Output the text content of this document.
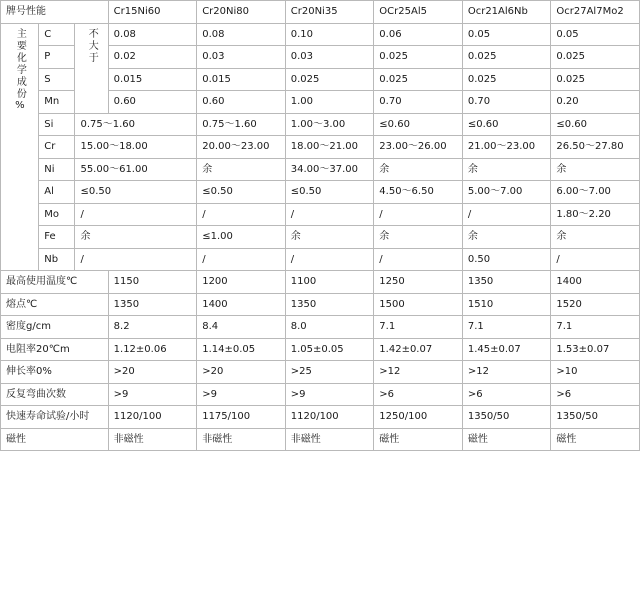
牌号性能			Cr15Ni60	Cr20Ni80	Cr20Ni35	OCr25Al5	Ocr21Al6Nb	Ocr27Al7Mo2
主要化学成份%	C	不大于	0.08	0.08	0.10	0.06	0.05	0.05
	P		0.02	0.03	0.03	0.025	0.025	0.025
	S		0.015	0.015	0.025	0.025	0.025	0.025
	Mn		0.60	0.60	1.00	0.70	0.70	0.20
	Si	0.75～1.60		0.75～1.60	1.00～3.00	≤0.60	≤0.60	≤0.60
	Cr	15.00～18.00		20.00～23.00	18.00～21.00	23.00～26.00	21.00～23.00	26.50～27.80
	Ni	55.00～61.00		余	34.00～37.00	余	余	余
	Al	≤0.50		≤0.50	≤0.50	4.50～6.50	5.00～7.00	6.00～7.00
	Mo	/		/	/	/	/	1.80～2.20
	Fe	余		≤1.00	余	余	余	余
	Nb	/		/	/	/	0.50	/
最高使用温度℃			1150	1200	1100	1250	1350	1400
熔点℃			1350	1400	1350	1500	1510	1520
密度g/cm			8.2	8.4	8.0	7.1	7.1	7.1
电阻率20℃m			1.12±0.06	1.14±0.05	1.05±0.05	1.42±0.07	1.45±0.07	1.53±0.07
伸长率0%			>20	>20	>25	>12	>12	>10
反复弯曲次数			>9	>9	>9	>6	>6	>6
快速寿命试验/小时			1120/100	1175/100	1120/100	1250/100	1350/50	1350/50
磁性			非磁性	非磁性	非磁性	磁性	磁性	磁性
